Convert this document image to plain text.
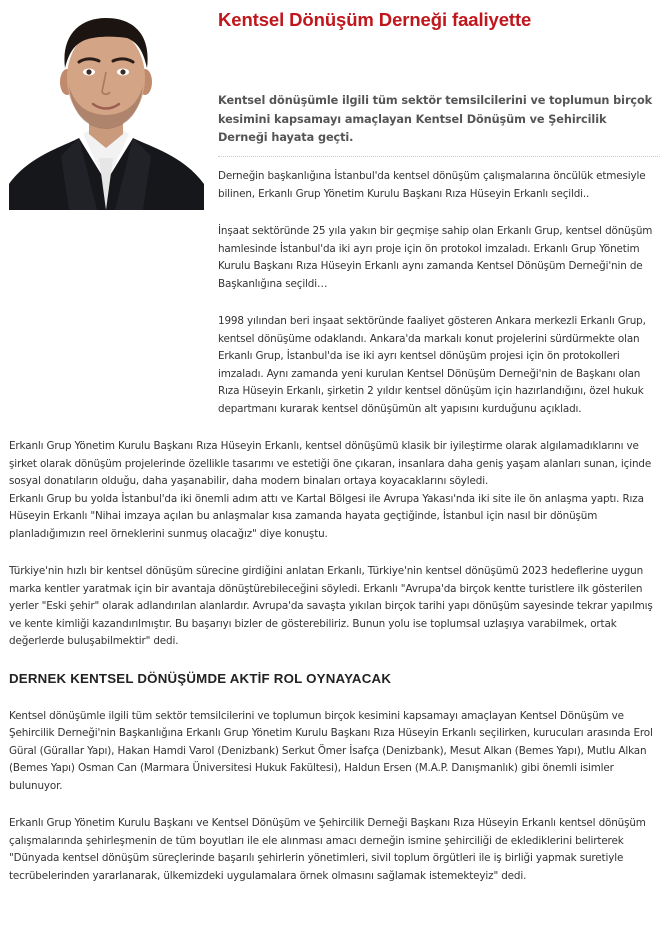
Kentsel Dönüşüm Derneği faaliyette

Kentsel dönüşümle ilgili tüm sektör temsilcilerini ve toplumun birçok kesimini kapsamayı amaçlayan Kentsel Dönüşüm ve Şehircilik Derneği hayata geçti.

Derneğin başkanlığına İstanbul'da kentsel dönüşüm çalışmalarına öncülük etmesiyle bilinen, Erkanlı Grup Yönetim Kurulu Başkanı Rıza Hüseyin Erkanlı seçildi..

İnşaat sektöründe 25 yıla yakın bir geçmişe sahip olan Erkanlı Grup, kentsel dönüşüm hamlesinde İstanbul'da iki ayrı proje için ön protokol imzaladı. Erkanlı Grup Yönetim Kurulu Başkanı Rıza Hüseyin Erkanlı aynı zamanda Kentsel Dönüşüm Derneği'nin de Başkanlığına seçildi…

1998 yılından beri inşaat sektöründe faaliyet gösteren Ankara merkezli Erkanlı Grup, kentsel dönüşüme odaklandı. Ankara'da markalı konut projelerini sürdürmekte olan Erkanlı Grup, İstanbul'da ise iki ayrı kentsel dönüşüm projesi için ön protokolleri imzaladı. Aynı zamanda yeni kurulan Kentsel Dönüşüm Derneği'nin de Başkanı olan Rıza Hüseyin Erkanlı, şirketin 2 yıldır kentsel dönüşüm için hazırlandığını, özel hukuk departmanı kurarak kentsel dönüşümün alt yapısını kurduğunu açıkladı.

Erkanlı Grup Yönetim Kurulu Başkanı Rıza Hüseyin Erkanlı, kentsel dönüşümü klasik bir iyileştirme olarak algılamadıklarını ve şirket olarak dönüşüm projelerinde özellikle tasarımı ve estetiği öne çıkaran, insanlara daha geniş yaşam alanları sunan, içinde sosyal donatıların olduğu, daha yaşanabilir, daha modern binaları ortaya koyacaklarını söyledi.

Erkanlı Grup bu yolda İstanbul'da iki önemli adım attı ve Kartal Bölgesi ile Avrupa Yakası'nda iki site ile ön anlaşma yaptı. Rıza Hüseyin Erkanlı "Nihai imzaya açılan bu anlaşmalar kısa zamanda hayata geçtiğinde, İstanbul için nasıl bir dönüşüm planladığımızın reel örneklerini sunmuş olacağız" diye konuştu.

Türkiye'nin hızlı bir kentsel dönüşüm sürecine girdiğini anlatan Erkanlı, Türkiye'nin kentsel dönüşümü 2023 hedeflerine uygun marka kentler yaratmak için bir avantaja dönüştürebileceğini söyledi. Erkanlı "Avrupa'da birçok kentte turistlere ilk gösterilen yerler "Eski şehir" olarak adlandırılan alanlardır. Avrupa'da savaşta yıkılan birçok tarihi yapı dönüşüm sayesinde tekrar yapılmış ve kente kimliği kazandırılmıştır. Bu başarıyı bizler de gösterebiliriz. Bunun yolu ise toplumsal uzlaşıya varabilmek, ortak değerlerde buluşabilmektir" dedi.

DERNEK KENTSEL DÖNÜŞÜMDE AKTİF ROL OYNAYACAK

Kentsel dönüşümle ilgili tüm sektör temsilcilerini ve toplumun birçok kesimini kapsamayı amaçlayan Kentsel Dönüşüm ve Şehircilik Derneği'nin Başkanlığına Erkanlı Grup Yönetim Kurulu Başkanı Rıza Hüseyin Erkanlı seçilirken, kurucuları arasında Erol Güral (Gürallar Yapı), Hakan Hamdi Varol (Denizbank) Serkut Ömer İsafça (Denizbank), Mesut Alkan (Bemes Yapı), Mutlu Alkan (Bemes Yapı) Osman Can (Marmara Üniversitesi Hukuk Fakültesi), Haldun Ersen (M.A.P. Danışmanlık) gibi önemli isimler bulunuyor.

Erkanlı Grup Yönetim Kurulu Başkanı ve Kentsel Dönüşüm ve Şehircilik Derneği Başkanı Rıza Hüseyin Erkanlı kentsel dönüşüm çalışmalarında şehirleşmenin de tüm boyutları ile ele alınması amacı derneğin ismine şehirciliği de eklediklerini belirterek "Dünyada kentsel dönüşüm süreçlerinde başarılı şehirlerin yönetimleri, sivil toplum örgütleri ile iş birliği yapmak suretiyle tecrübelerinden yararlanarak, ülkemizdeki uygulamalara örnek olmasını sağlamak istemekteyiz" dedi.
